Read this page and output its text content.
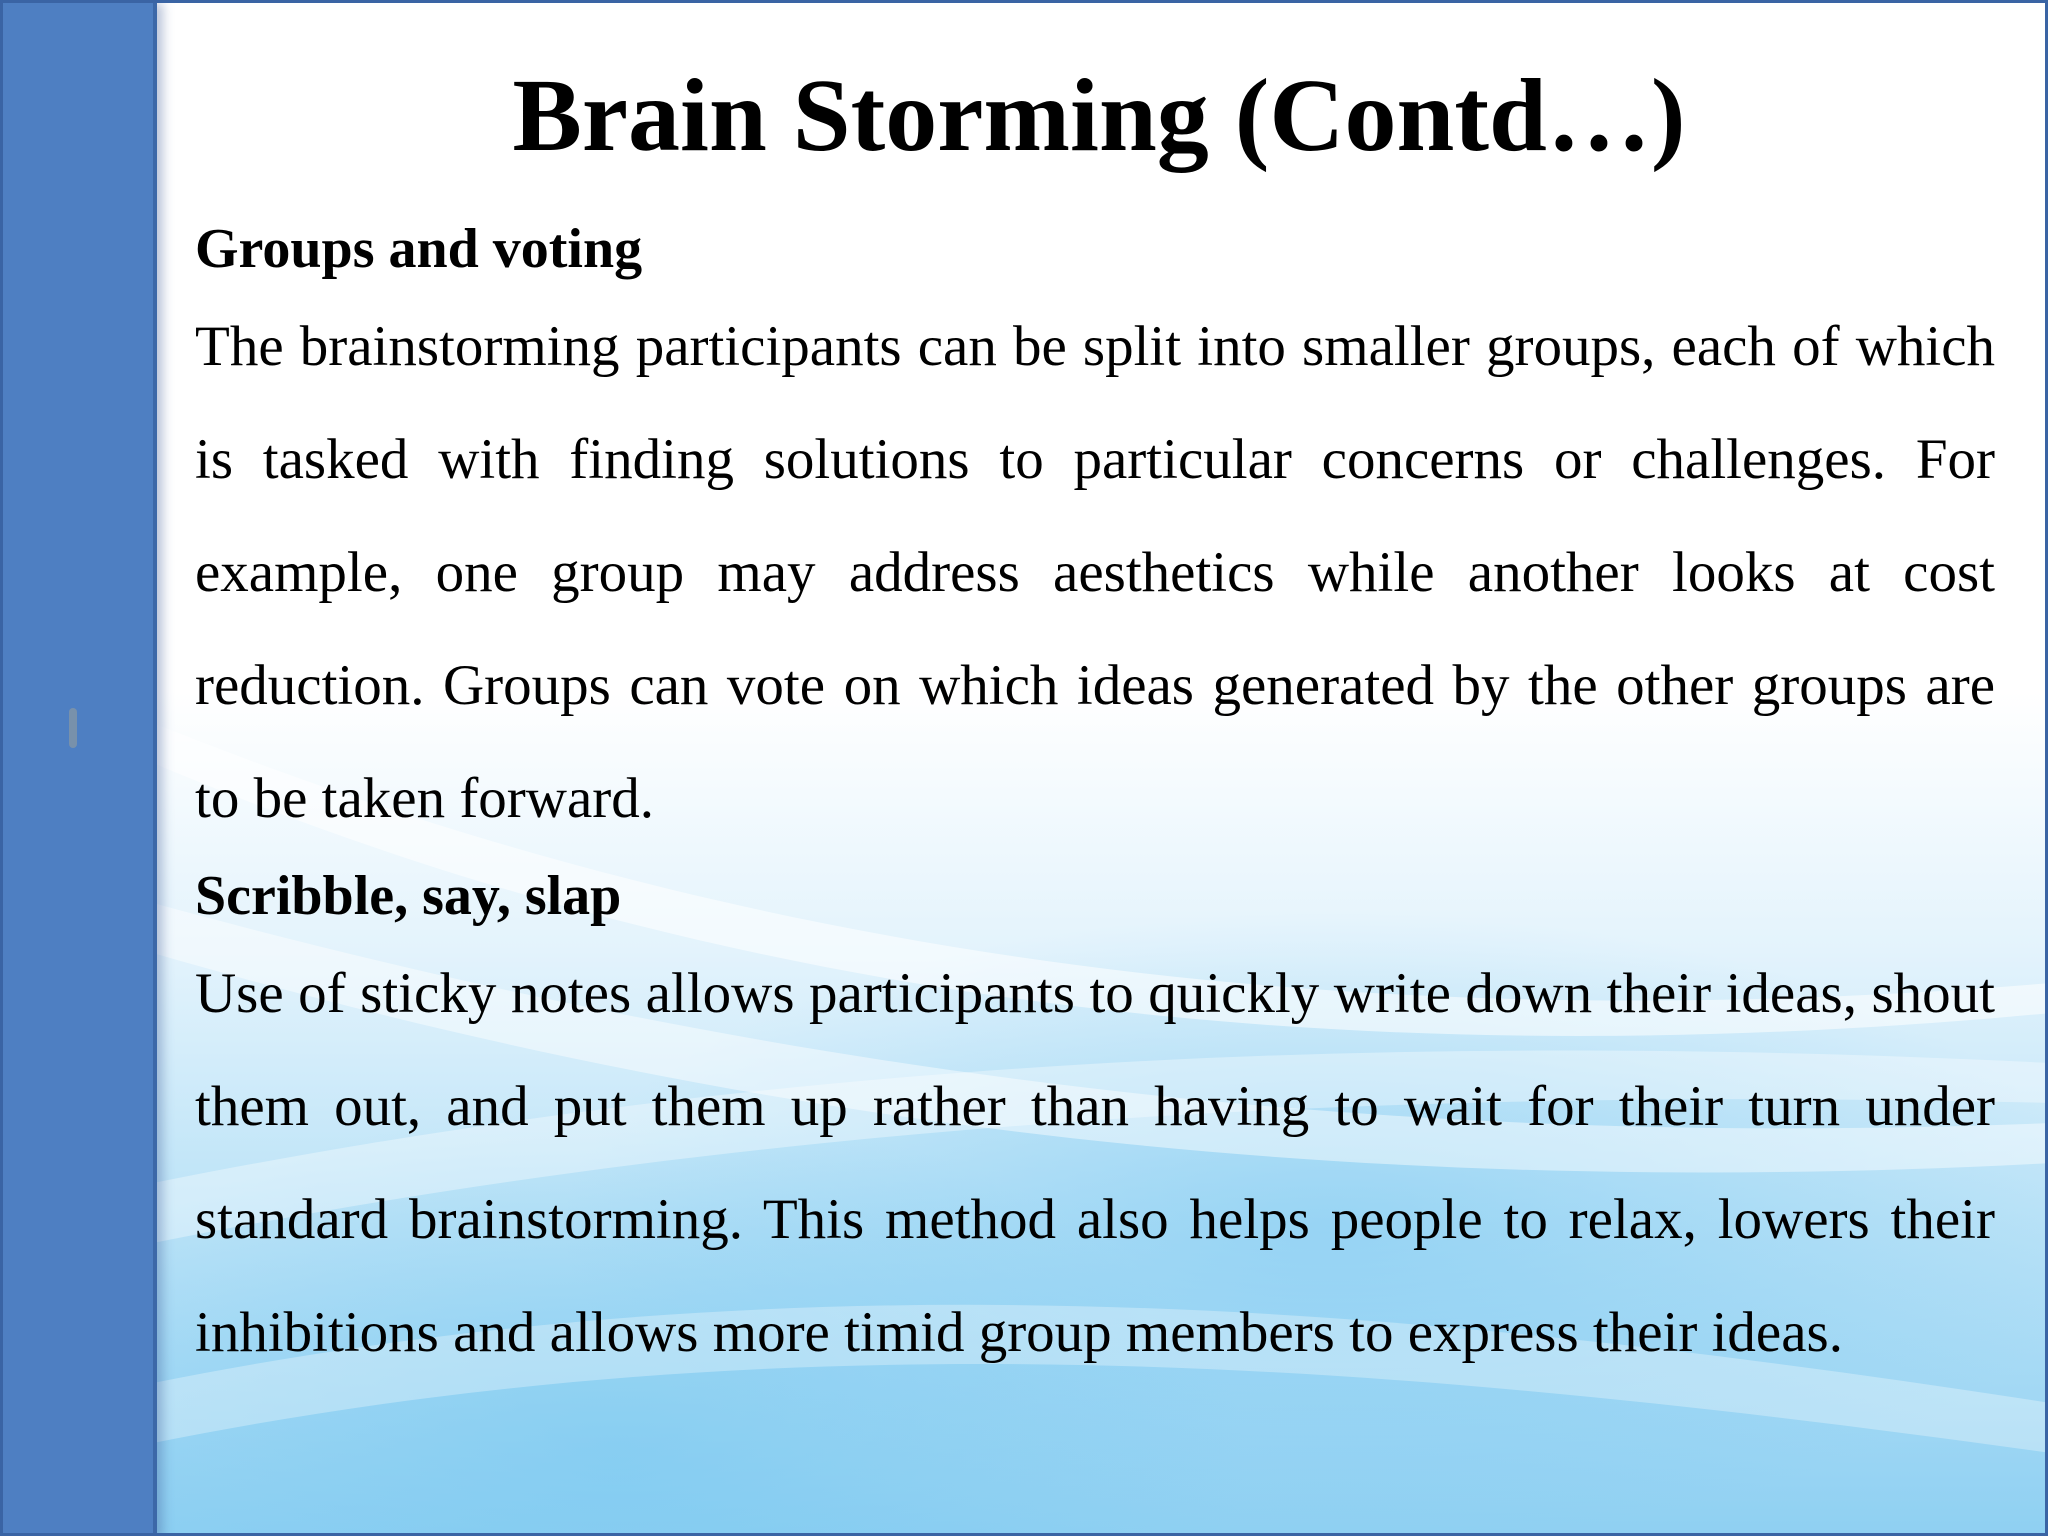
Brain Storming (Contd…)

Groups and voting

The brainstorming participants can be split into smaller groups, each of which is tasked with finding solutions to particular concerns or challenges. For example, one group may address aesthetics while another looks at cost reduction. Groups can vote on which ideas generated by the other groups are to be taken forward.

Scribble, say, slap

Use of sticky notes allows participants to quickly write down their ideas, shout them out, and put them up rather than having to wait for their turn under standard brainstorming. This method also helps people to relax, lowers their inhibitions and allows more timid group members to express their ideas.
